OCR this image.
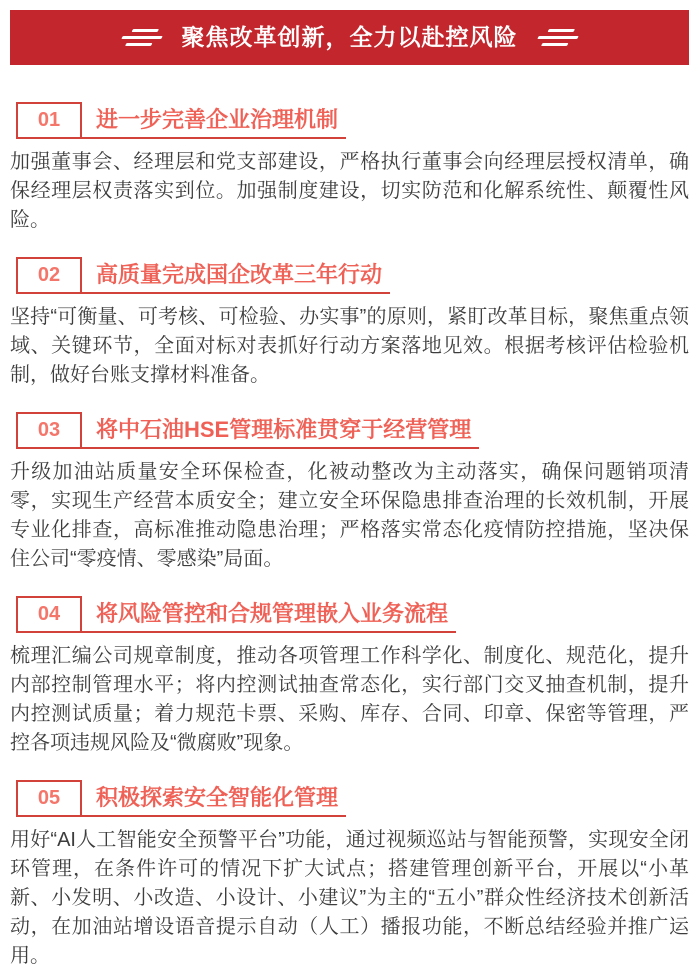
聚焦改革创新，全力以赴控风险
01	进一步完善企业治理机制

加强董事会、经理层和党支部建设，严格执行董事会向经理层授权清单，确保经理层权责落实到位。加强制度建设，切实防范和化解系统性、颠覆性风险。

02	高质量完成国企改革三年行动

坚持“可衡量、可考核、可检验、办实事”的原则，紧盯改革目标，聚焦重点领域、关键环节，全面对标对表抓好行动方案落地见效。根据考核评估检验机制，做好台账支撑材料准备。

03	将中石油HSE管理标准贯穿于经营管理

升级加油站质量安全环保检查，化被动整改为主动落实，确保问题销项清零，实现生产经营本质安全；建立安全环保隐患排查治理的长效机制，开展专业化排查，高标准推动隐患治理；严格落实常态化疫情防控措施，坚决保住公司“零疫情、零感染”局面。

04	将风险管控和合规管理嵌入业务流程

梳理汇编公司规章制度，推动各项管理工作科学化、制度化、规范化，提升内部控制管理水平；将内控测试抽查常态化，实行部门交叉抽查机制，提升内控测试质量；着力规范卡票、采购、库存、合同、印章、保密等管理，严控各项违规风险及“微腐败”现象。

05	积极探索安全智能化管理

用好“AI人工智能安全预警平台”功能，通过视频巡站与智能预警，实现安全闭环管理，在条件许可的情况下扩大试点；搭建管理创新平台，开展以“小革新、小发明、小改造、小设计、小建议”为主的“五小”群众性经济技术创新活动，在加油站增设语音提示自动（人工）播报功能，不断总结经验并推广运用。
